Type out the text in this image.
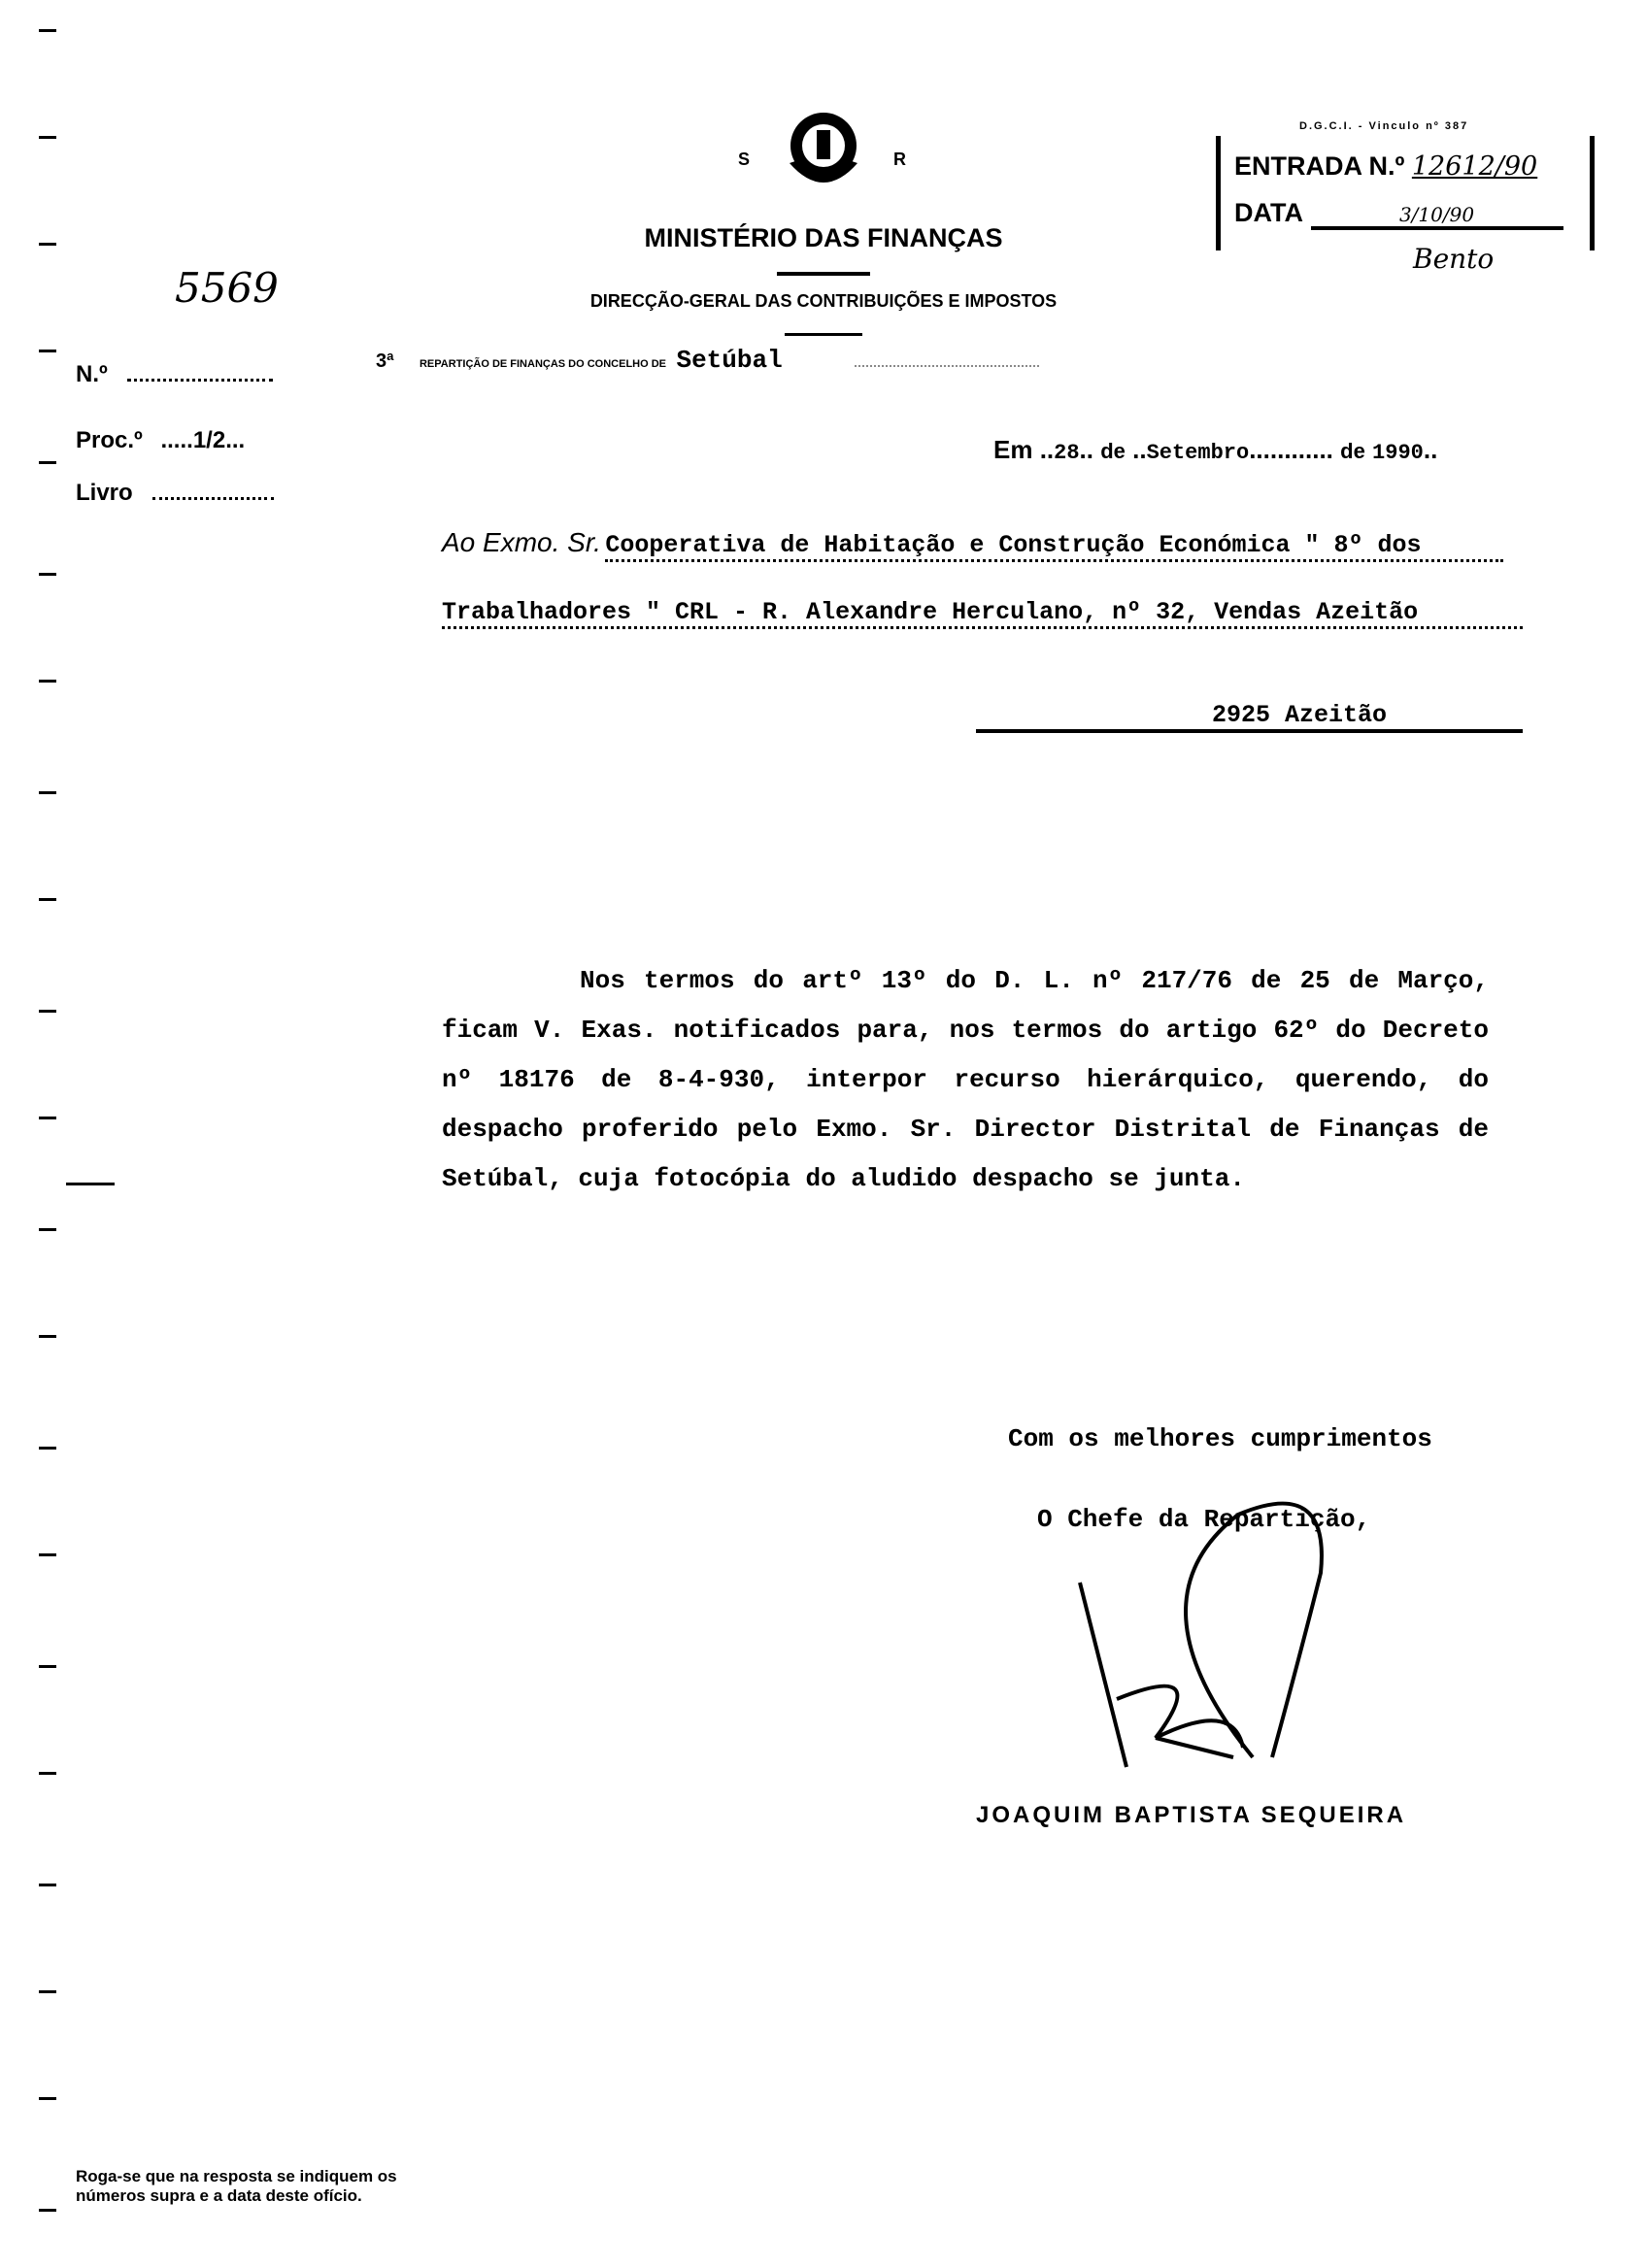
S	R
MINISTÉRIO DAS FINANÇAS
DIRECÇÃO-GERAL DAS CONTRIBUIÇÕES E IMPOSTOS
3ª REPARTIÇÃO DE FINANÇAS DO CONCELHO DE Setúbal
D.G.C.I. - Vinculo nº 387
ENTRADA N.º 12612/90
DATA	3/10/90
Bento
5569
N.º
Proc.º .....1/2...
Livro
Em ..28.. de ..Setembro............ de 1990..
Ao Exmo. Sr. Cooperativa de Habitação e Construção Económica " 8º dos
Trabalhadores " CRL - R. Alexandre Herculano, nº 32, Vendas Azeitão
2925 Azeitão

Nos termos do artº 13º do D. L. nº 217/76 de 25 de Março, ficam V. Exas. notificados para, nos termos do artigo 62º do Decreto nº 18176 de 8-4-930, interpor recurso hierárquico, querendo, do despacho proferido pelo Exmo. Sr. Director Distrital de Finanças de Setúbal, cuja fotocópia do aludido despacho se junta.

Com os melhores cumprimentos
O Chefe da Repartição,
JOAQUIM BAPTISTA SEQUEIRA
Roga-se que na resposta se indiquem os números supra e a data deste ofício.
